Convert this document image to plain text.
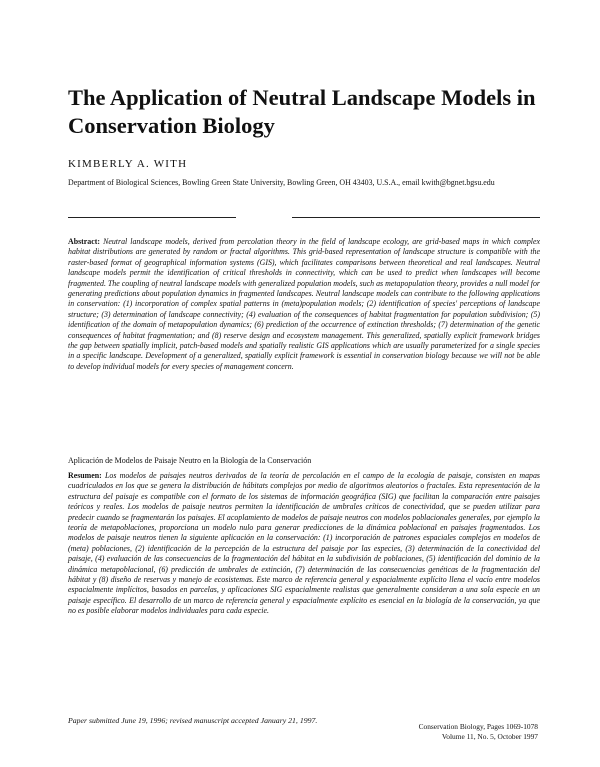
The Application of Neutral Landscape Models in Conservation Biology

KIMBERLY A. WITH

Department of Biological Sciences, Bowling Green State University, Bowling Green, OH 43403, U.S.A., email kwith@bgnet.bgsu.edu

Abstract: Neutral landscape models, derived from percolation theory in the field of landscape ecology, are grid-based maps in which complex habitat distributions are generated by random or fractal algorithms. This grid-based representation of landscape structure is compatible with the raster-based format of geographical information systems (GIS), which facilitates comparisons between theoretical and real landscapes. Neutral landscape models permit the identification of critical thresholds in connectivity, which can be used to predict when landscapes will become fragmented. The coupling of neutral landscape models with generalized population models, such as metapopulation theory, provides a null model for generating predictions about population dynamics in fragmented landscapes. Neutral landscape models can contribute to the following applications in conservation: (1) incorporation of complex spatial patterns in (meta)population models; (2) identification of species' perceptions of landscape structure; (3) determination of landscape connectivity; (4) evaluation of the consequences of habitat fragmentation for population subdivision; (5) identification of the domain of metapopulation dynamics; (6) prediction of the occurrence of extinction thresholds; (7) determination of the genetic consequences of habitat fragmentation; and (8) reserve design and ecosystem management. This generalized, spatially explicit framework bridges the gap between spatially implicit, patch-based models and spatially realistic GIS applications which are usually parameterized for a single species in a specific landscape. Development of a generalized, spatially explicit framework is essential in conservation biology because we will not be able to develop individual models for every species of management concern.

Aplicación de Modelos de Paisaje Neutro en la Biología de la Conservación

Resumen: Los modelos de paisajes neutros derivados de la teoría de percolación en el campo de la ecología de paisaje, consisten en mapas cuadriculados en los que se genera la distribución de hábitats complejos por medio de algoritmos aleatorios o fractales. Esta representación de la estructura del paisaje es compatible con el formato de los sistemas de información geográfica (SIG) que facilitan la comparación entre paisajes teóricos y reales. Los modelos de paisaje neutros permiten la identificación de umbrales críticos de conectividad, que se pueden utilizar para predecir cuando se fragmentarán los paisajes. El acoplamiento de modelos de paisaje neutros con modelos poblacionales generales, por ejemplo la teoría de metapoblaciones, proporciona un modelo nulo para generar predicciones de la dinámica poblacional en paisajes fragmentados. Los modelos de paisaje neutros tienen la siguiente aplicación en la conservación: (1) incorporación de patrones espaciales complejos en modelos de (meta) poblaciones, (2) identificación de la percepción de la estructura del paisaje por las especies, (3) determinación de la conectividad del paisaje, (4) evaluación de las consecuencias de la fragmentación del hábitat en la subdivisión de poblaciones, (5) identificación del dominio de la dinámica metapoblacional, (6) predicción de umbrales de extinción, (7) determinación de las consecuencias genéticas de la fragmentación del hábitat y (8) diseño de reservas y manejo de ecosistemas. Este marco de referencia general y espacialmente explícito llena el vacío entre modelos espacialmente implícitos, basados en parcelas, y aplicaciones SIG espacialmente realistas que generalmente consideran a una sola especie en un paisaje específico. El desarrollo de un marco de referencia general y espacialmente explícito es esencial en la biología de la conservación, ya que no es posible elaborar modelos individuales para cada especie.

Paper submitted June 19, 1996; revised manuscript accepted January 21, 1997.

Conservation Biology, Pages 1069-1078
Volume 11, No. 5, October 1997
